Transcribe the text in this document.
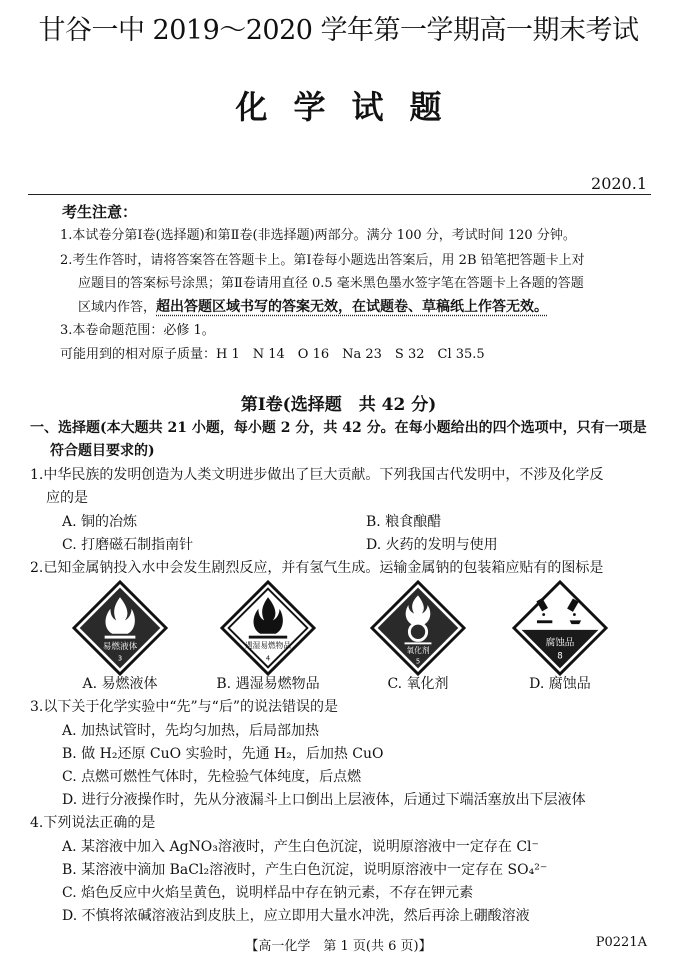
甘谷一中 2019～2020 学年第一学期高一期末考试
化学试题
2020.1
考生注意：
1.本试卷分第Ⅰ卷(选择题)和第Ⅱ卷(非选择题)两部分。满分 100 分，考试时间 120 分钟。
2.考生作答时，请将答案答在答题卡上。第Ⅰ卷每小题选出答案后，用 2B 铅笔把答题卡上对
应题目的答案标号涂黑；第Ⅱ卷请用直径 0.5 毫米黑色墨水签字笔在答题卡上各题的答题
区域内作答，超出答题区域书写的答案无效，在试题卷、草稿纸上作答无效。
3.本卷命题范围：必修 1。
可能用到的相对原子质量：H 1　N 14　O 16　Na 23　S 32　Cl 35.5
第Ⅰ卷(选择题　共 42 分)
一、选择题(本大题共 21 小题，每小题 2 分，共 42 分。在每小题给出的四个选项中，只有一项是
符合题目要求的)
1.中华民族的发明创造为人类文明进步做出了巨大贡献。下列我国古代发明中，不涉及化学反
应的是
A. 铜的冶炼	B. 粮食酿醋
C. 打磨磁石制指南针	D. 火药的发明与使用
2.已知金属钠投入水中会发生剧烈反应，并有氢气生成。运输金属钠的包装箱应贴有的图标是
易燃液体
3
遇湿易燃物品
4
氧化剂
5
腐蚀品
8
A. 易燃液体	B. 遇湿易燃物品	C. 氧化剂	D. 腐蚀品
3.以下关于化学实验中“先”与“后”的说法错误的是
A. 加热试管时，先均匀加热，后局部加热
B. 做 H₂还原 CuO 实验时，先通 H₂，后加热 CuO
C. 点燃可燃性气体时，先检验气体纯度，后点燃
D. 进行分液操作时，先从分液漏斗上口倒出上层液体，后通过下端活塞放出下层液体
4.下列说法正确的是
A. 某溶液中加入 AgNO₃溶液时，产生白色沉淀，说明原溶液中一定存在 Cl⁻
B. 某溶液中滴加 BaCl₂溶液时，产生白色沉淀，说明原溶液中一定存在 SO₄²⁻
C. 焰色反应中火焰呈黄色，说明样品中存在钠元素，不存在钾元素
D. 不慎将浓碱溶液沾到皮肤上，应立即用大量水冲洗，然后再涂上硼酸溶液
【高一化学　第 1 页(共 6 页)】	P0221A
